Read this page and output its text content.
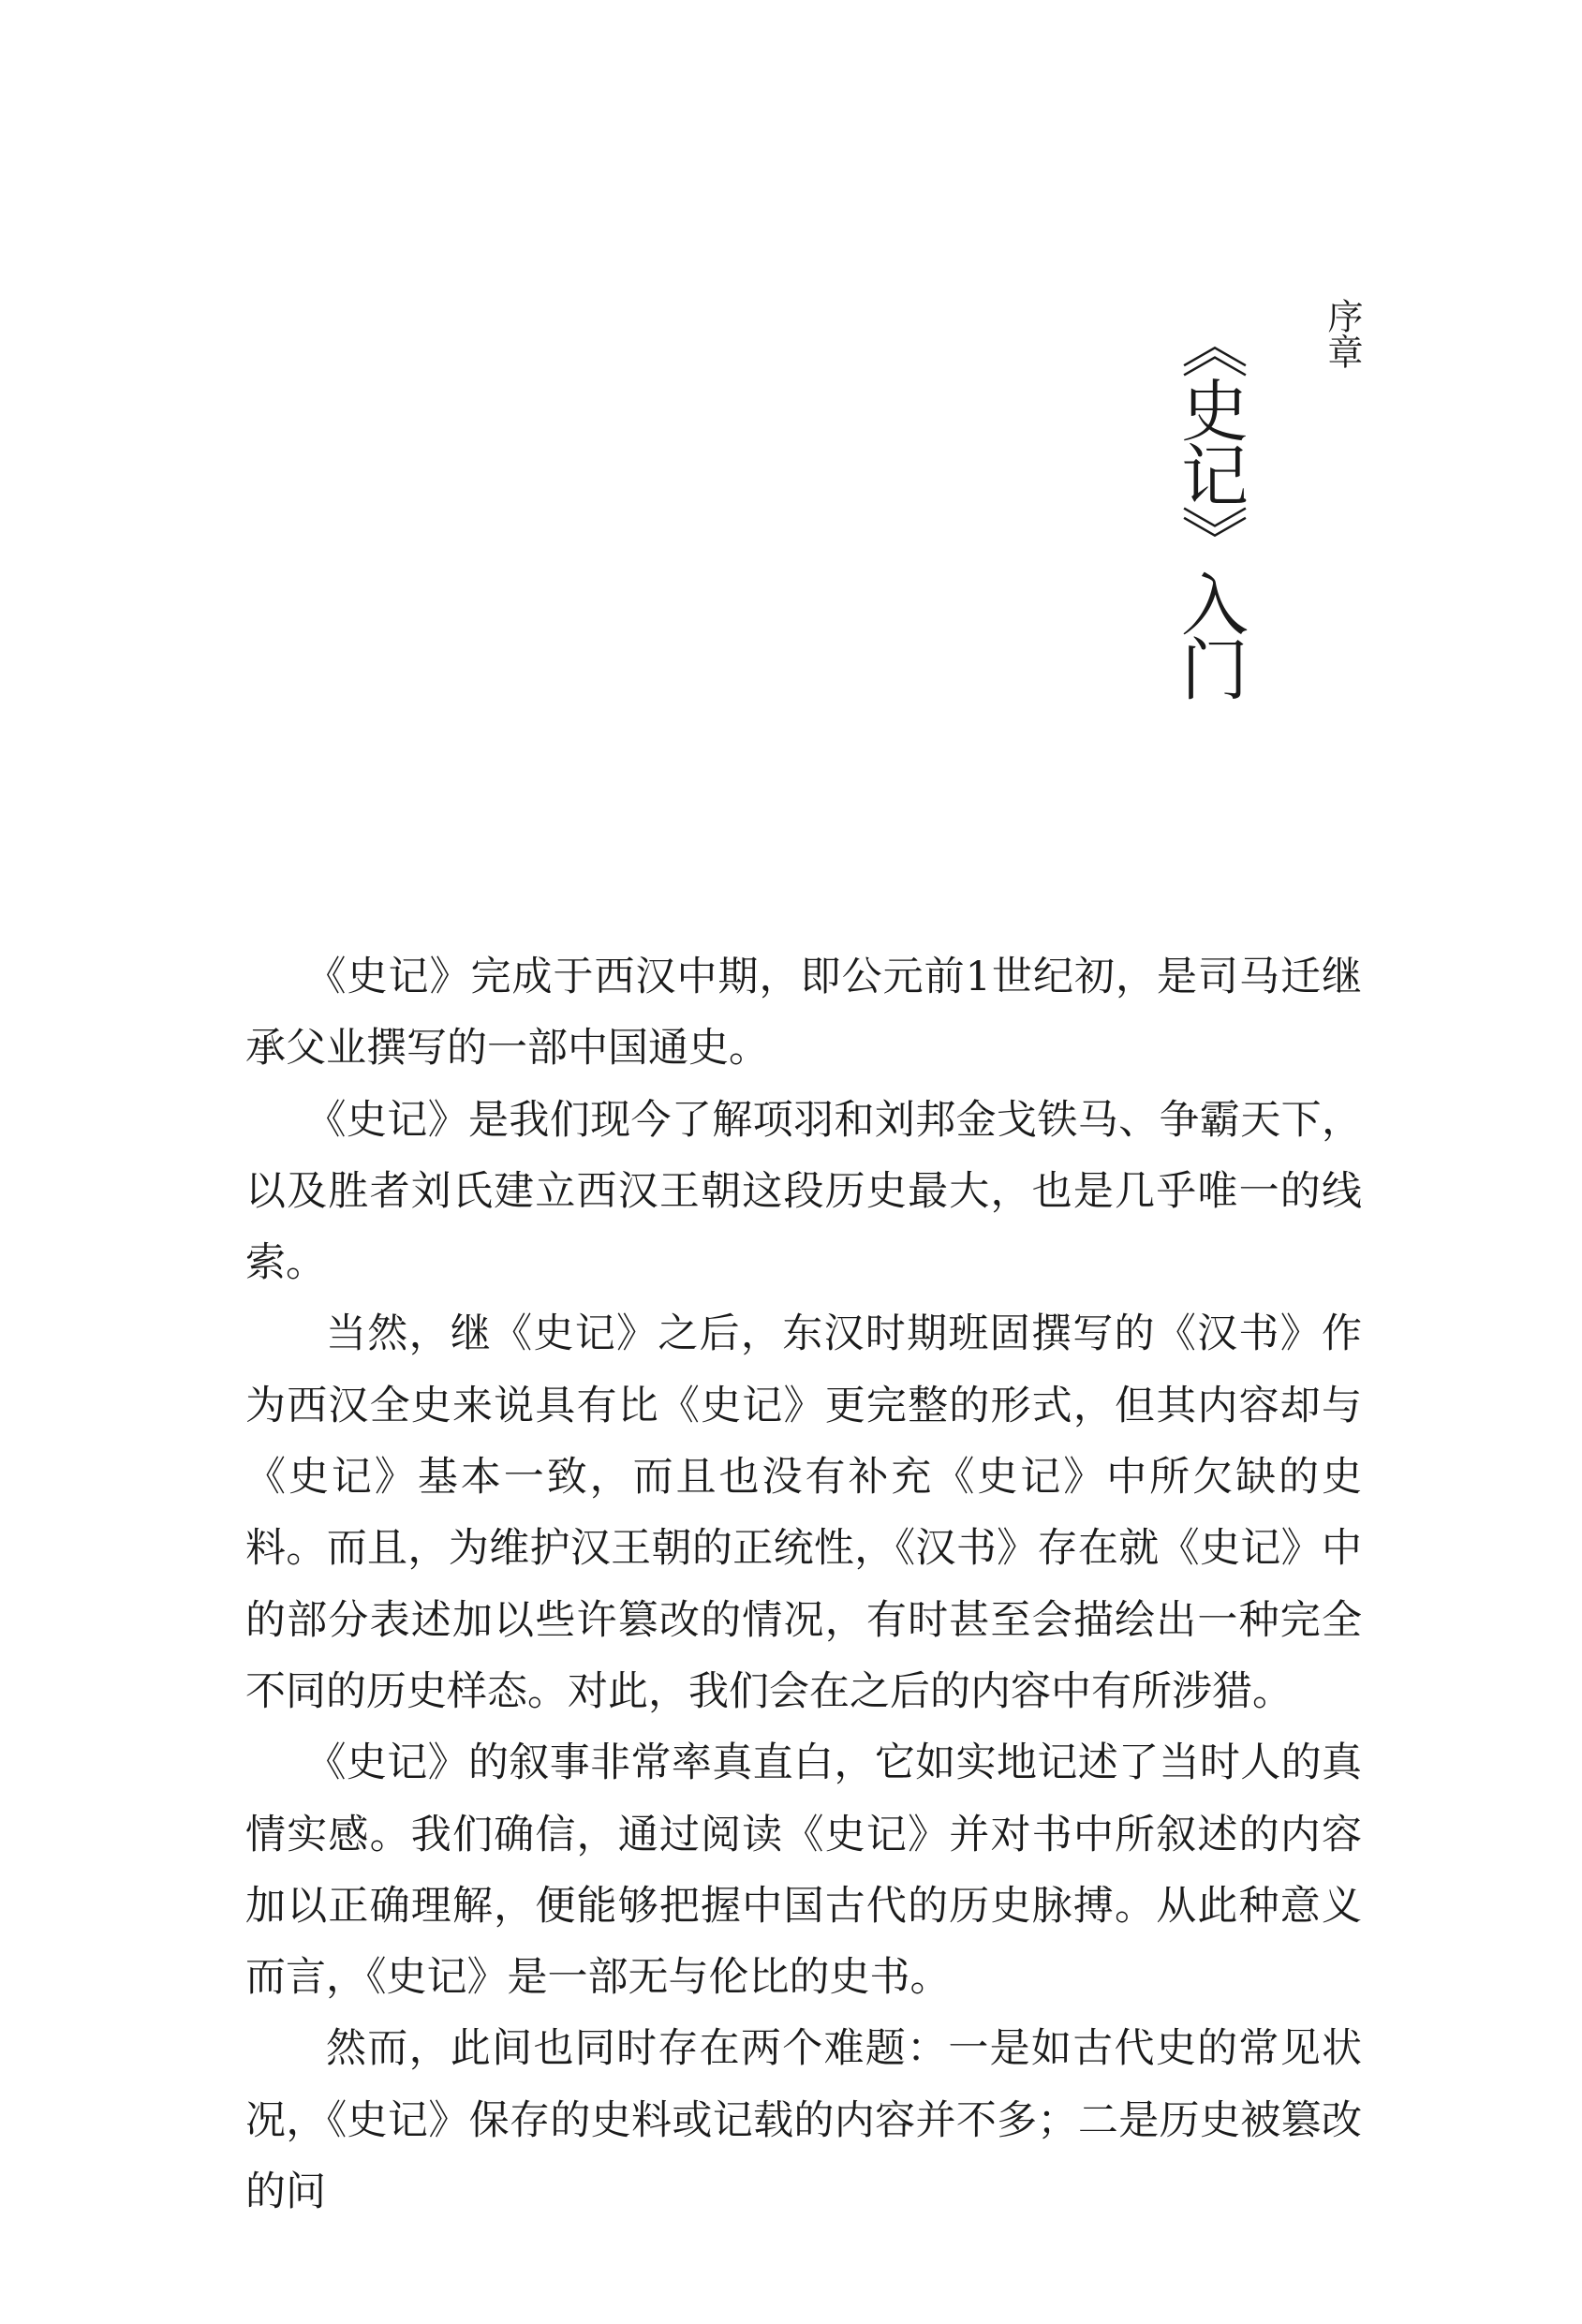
序章
《史记》入门

《史记》完成于西汉中期，即公元前1世纪初，是司马迁继承父业撰写的一部中国通史。

《史记》是我们现今了解项羽和刘邦金戈铁马、争霸天下，以及胜者刘氏建立西汉王朝这段历史最大，也是几乎唯一的线索。

当然，继《史记》之后，东汉时期班固撰写的《汉书》作为西汉全史来说具有比《史记》更完整的形式，但其内容却与《史记》基本一致，而且也没有补充《史记》中所欠缺的史料。而且，为维护汉王朝的正统性，《汉书》存在就《史记》中的部分表述加以些许篡改的情况，有时甚至会描绘出一种完全不同的历史样态。对此，我们会在之后的内容中有所涉猎。

《史记》的叙事非常率真直白，它如实地记述了当时人的真情实感。我们确信，通过阅读《史记》并对书中所叙述的内容加以正确理解，便能够把握中国古代的历史脉搏。从此种意义而言，《史记》是一部无与伦比的史书。

然而，此间也同时存在两个难题：一是如古代史的常见状况，《史记》保存的史料或记载的内容并不多；二是历史被篡改的问
